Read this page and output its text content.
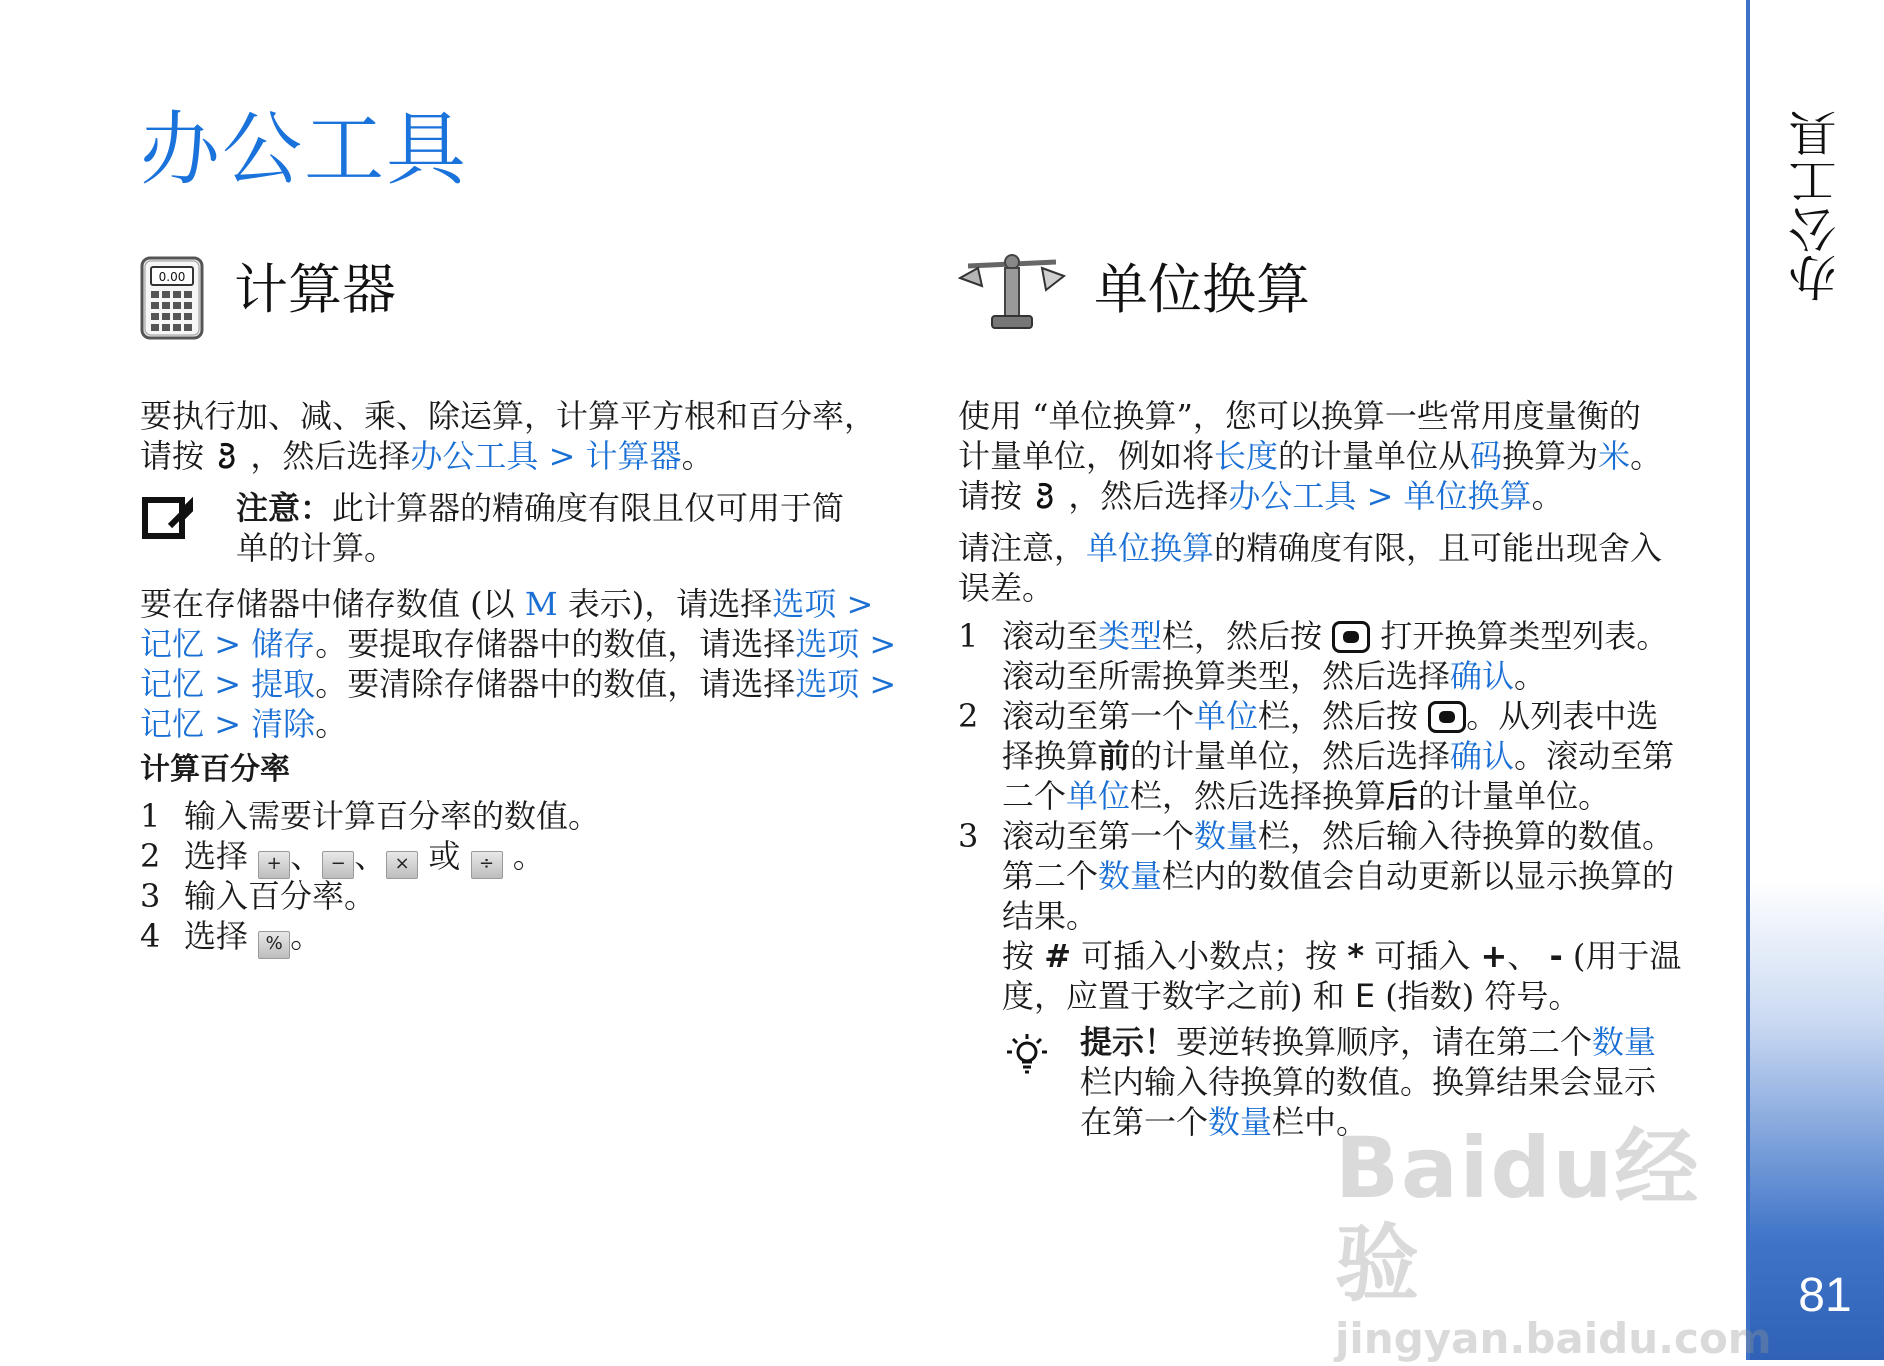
办公工具
81
办公工具
0.00 计算器
要执行加、减、乘、除运算，计算平方根和百分率，
请按 ，然后选择办公工具 > 计算器。
注意：此计算器的精确度有限且仅可用于简
单的计算。
要在存储器中储存数值 (以 M 表示)，请选择选项 >
记忆 > 储存。要提取存储器中的数值，请选择选项 >
记忆 > 提取。要清除存储器中的数值，请选择选项 >
记忆 > 清除。
计算百分率
1 输入需要计算百分率的数值。
2 选择 + 、 − 、 × 或 ÷ 。
3 输入百分率。
4 选择 % 。
单位换算
使用 “单位换算”，您可以换算一些常用度量衡的
计量单位，例如将长度的计量单位从码换算为米。
请按 ，然后选择办公工具 > 单位换算。
请注意，单位换算的精确度有限，且可能出现舍入
误差。
1 滚动至类型栏，然后按 打开换算类型列表。
滚动至所需换算类型，然后选择确认。
2 滚动至第一个单位栏，然后按 。从列表中选
择换算前的计量单位，然后选择确认。滚动至第
二个单位栏，然后选择换算后的计量单位。
3 滚动至第一个数量栏，然后输入待换算的数值。
第二个数量栏内的数值会自动更新以显示换算的
结果。
按 # 可插入小数点；按 * 可插入 +、 - (用于温
度，应置于数字之前) 和 E (指数) 符号。
提示！要逆转换算顺序，请在第二个数量
栏内输入待换算的数值。换算结果会显示
在第一个数量栏中。
Baidu经验
jingyan.baidu.com
